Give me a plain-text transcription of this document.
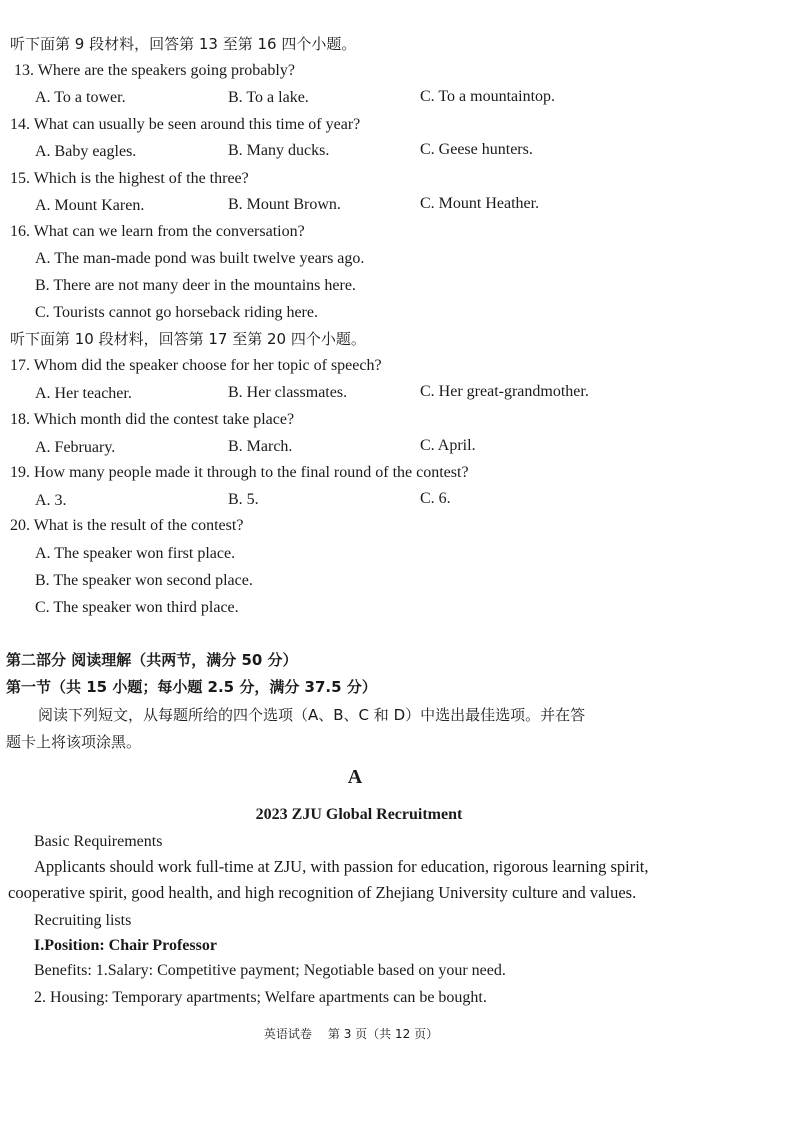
听下面第 9 段材料，回答第 13 至第 16 四个小题。
13. Where are the speakers going probably?
A. To a tower.	B. To a lake.	C. To a mountaintop.
14. What can usually be seen around this time of year?
A. Baby eagles.	B. Many ducks.	C. Geese hunters.
15. Which is the highest of the three?
A. Mount Karen.	B. Mount Brown.	C. Mount Heather.
16. What can we learn from the conversation?
A. The man-made pond was built twelve years ago.
B. There are not many deer in the mountains here.
C. Tourists cannot go horseback riding here.
听下面第 10 段材料，回答第 17 至第 20 四个小题。
17. Whom did the speaker choose for her topic of speech?
A. Her teacher.	B. Her classmates.	C. Her great-grandmother.
18. Which month did the contest take place?
A. February.	B. March.	C. April.
19. How many people made it through to the final round of the contest?
A. 3.	B. 5.	C. 6.
20. What is the result of the contest?
A. The speaker won first place.
B. The speaker won second place.
C. The speaker won third place.
第二部分 阅读理解（共两节，满分 50 分）
第一节（共 15 小题；每小题 2.5 分，满分 37.5 分）
阅读下列短文，从每题所给的四个选项（A、B、C 和 D）中选出最佳选项。并在答
题卡上将该项涂黑。
A
2023 ZJU Global Recruitment
Basic Requirements
Applicants should work full-time at ZJU, with passion for education, rigorous learning spirit,
cooperative spirit, good health, and high recognition of Zhejiang University culture and values.
Recruiting lists
I.Position: Chair Professor
Benefits: 1.Salary: Competitive payment; Negotiable based on your need.
2. Housing: Temporary apartments; Welfare apartments can be bought.
英语试卷 第 3 页（共 12 页）
